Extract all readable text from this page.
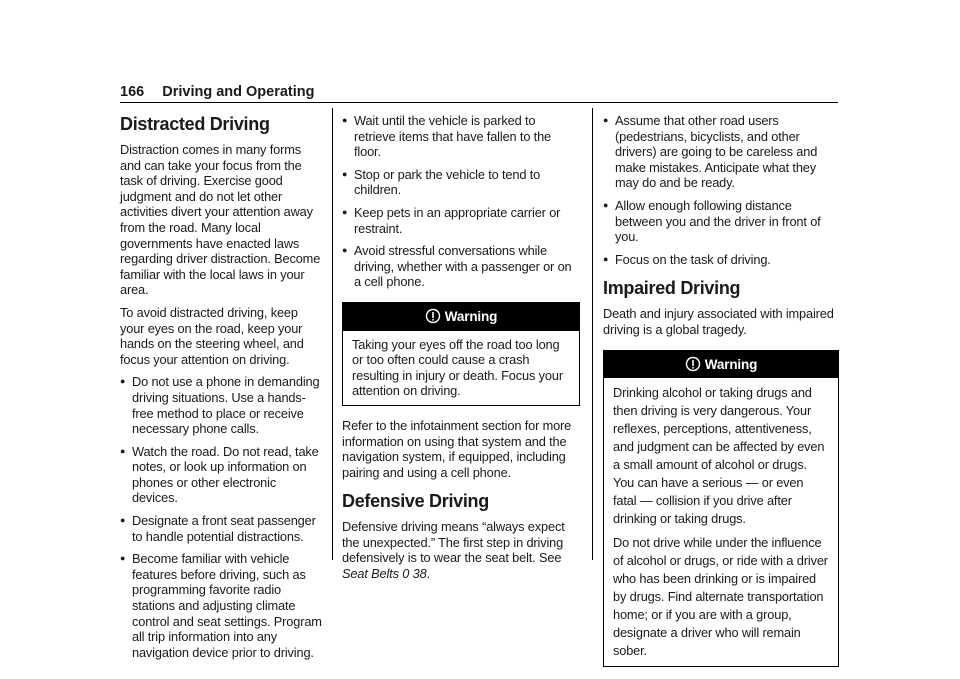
166 Driving and Operating
Distracted Driving

Distraction comes in many forms and can take your focus from the task of driving. Exercise good judgment and do not let other activities divert your attention away from the road. Many local governments have enacted laws regarding driver distraction. Become familiar with the local laws in your area.

To avoid distracted driving, keep your eyes on the road, keep your hands on the steering wheel, and focus your attention on driving.

● Do not use a phone in demanding driving situations. Use a hands-free method to place or receive necessary phone calls.
● Watch the road. Do not read, take notes, or look up information on phones or other electronic devices.
● Designate a front seat passenger to handle potential distractions.
● Become familiar with vehicle features before driving, such as programming favorite radio stations and adjusting climate control and seat settings. Program all trip information into any navigation device prior to driving.
● Wait until the vehicle is parked to retrieve items that have fallen to the floor.
● Stop or park the vehicle to tend to children.
● Keep pets in an appropriate carrier or restraint.
● Avoid stressful conversations while driving, whether with a passenger or on a cell phone.
Warning

Taking your eyes off the road too long or too often could cause a crash resulting in injury or death. Focus your attention on driving.

Refer to the infotainment section for more information on using that system and the navigation system, if equipped, including pairing and using a cell phone.

Defensive Driving

Defensive driving means “always expect the unexpected.” The first step in driving defensively is to wear the seat belt. See Seat Belts 0 38.

● Assume that other road users (pedestrians, bicyclists, and other drivers) are going to be careless and make mistakes. Anticipate what they may do and be ready.
● Allow enough following distance between you and the driver in front of you.
● Focus on the task of driving.
Impaired Driving

Death and injury associated with impaired driving is a global tragedy.

Warning

Drinking alcohol or taking drugs and then driving is very dangerous. Your reflexes, perceptions, attentiveness, and judgment can be affected by even a small amount of alcohol or drugs. You can have a serious — or even fatal — collision if you drive after drinking or taking drugs.

Do not drive while under the influence of alcohol or drugs, or ride with a driver who has been drinking or is impaired by drugs. Find alternate transportation home; or if you are with a group, designate a driver who will remain sober.
